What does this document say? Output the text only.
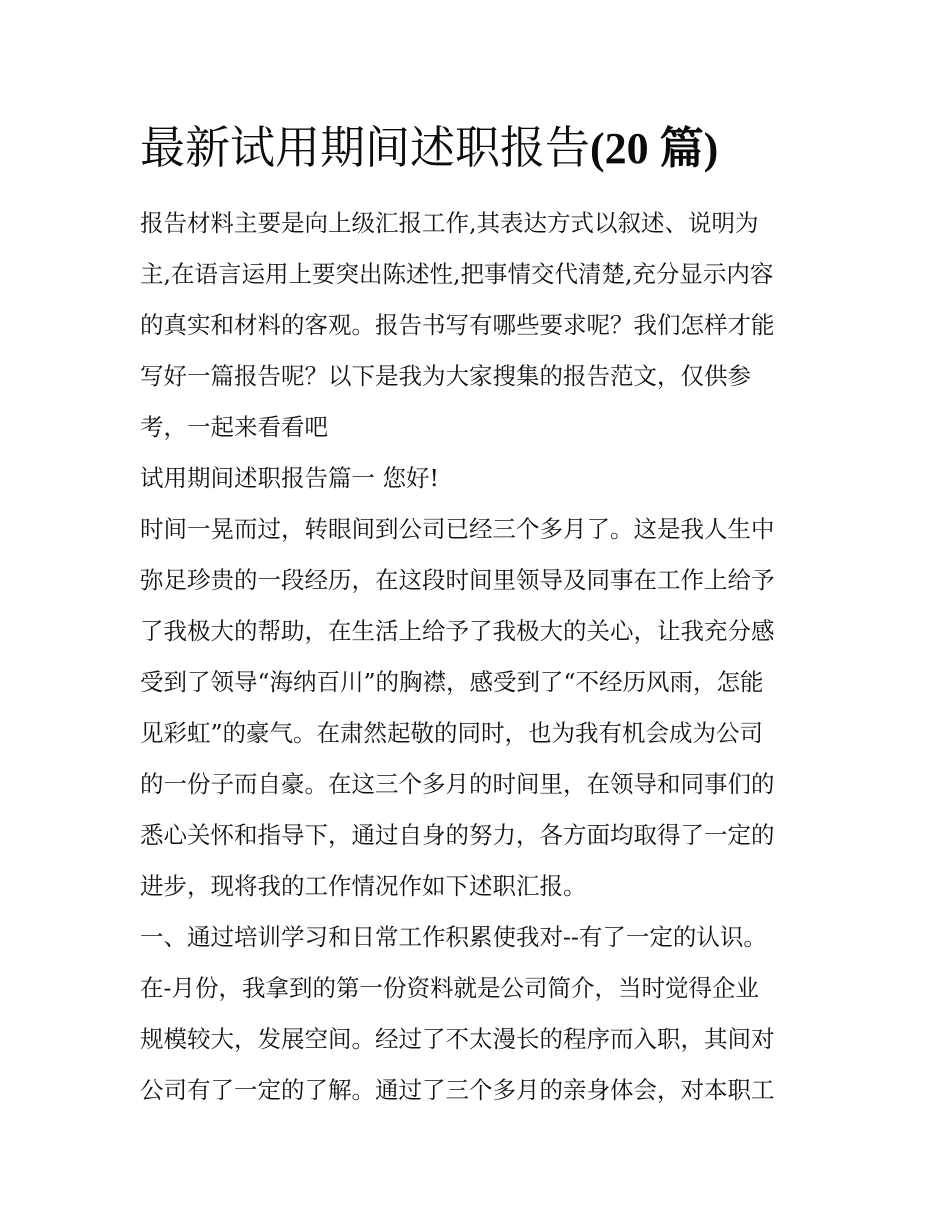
最新试用期间述职报告(20 篇)

报告材料主要是向上级汇报工作,其表达方式以叙述、说明为

主,在语言运用上要突出陈述性,把事情交代清楚,充分显示内容

的真实和材料的客观。报告书写有哪些要求呢？我们怎样才能

写好一篇报告呢？以下是我为大家搜集的报告范文，仅供参

考，一起来看看吧

试用期间述职报告篇一 您好!

时间一晃而过，转眼间到公司已经三个多月了。这是我人生中

弥足珍贵的一段经历，在这段时间里领导及同事在工作上给予

了我极大的帮助，在生活上给予了我极大的关心，让我充分感

受到了领导“海纳百川”的胸襟，感受到了“不经历风雨，怎能

见彩虹”的豪气。在肃然起敬的同时，也为我有机会成为公司

的一份子而自豪。在这三个多月的时间里，在领导和同事们的

悉心关怀和指导下，通过自身的努力，各方面均取得了一定的

进步，现将我的工作情况作如下述职汇报。

一、通过培训学习和日常工作积累使我对--有了一定的认识。

在-月份，我拿到的第一份资料就是公司简介，当时觉得企业

规模较大，发展空间。经过了不太漫长的程序而入职，其间对

公司有了一定的了解。通过了三个多月的亲身体会，对本职工
